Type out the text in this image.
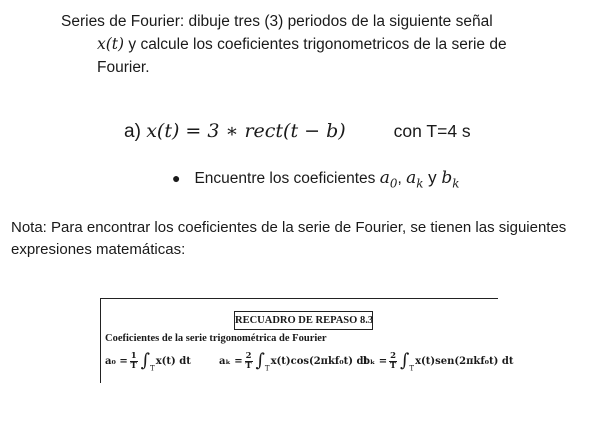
Series de Fourier: dibuje tres (3) periodos de la siguiente señal
x(t) y calcule los coeficientes trigonometricos de la serie de
Fourier.
a) x(t) = 3 ∗ rect(t − b)	con T=4 s
● Encuentre los coeficientes $a_0$, $a_k$ y $b_k$
Nota: Para encontrar los coeficientes de la serie de Fourier, se tienen las siguientes expresiones matemáticas:
RECUADRO DE REPASO 8.3
Coeficientes de la serie trigonométrica de Fourier
$a_0 = \frac{1}{T} \int_T$
x(t) dt	$a_k = \frac{2}{T} \int_T$
x(t)cos(2πkf₀t) dt
$b_k = \frac{2}{T} \int_T$
x(t)sen(2πkf₀t) dt
